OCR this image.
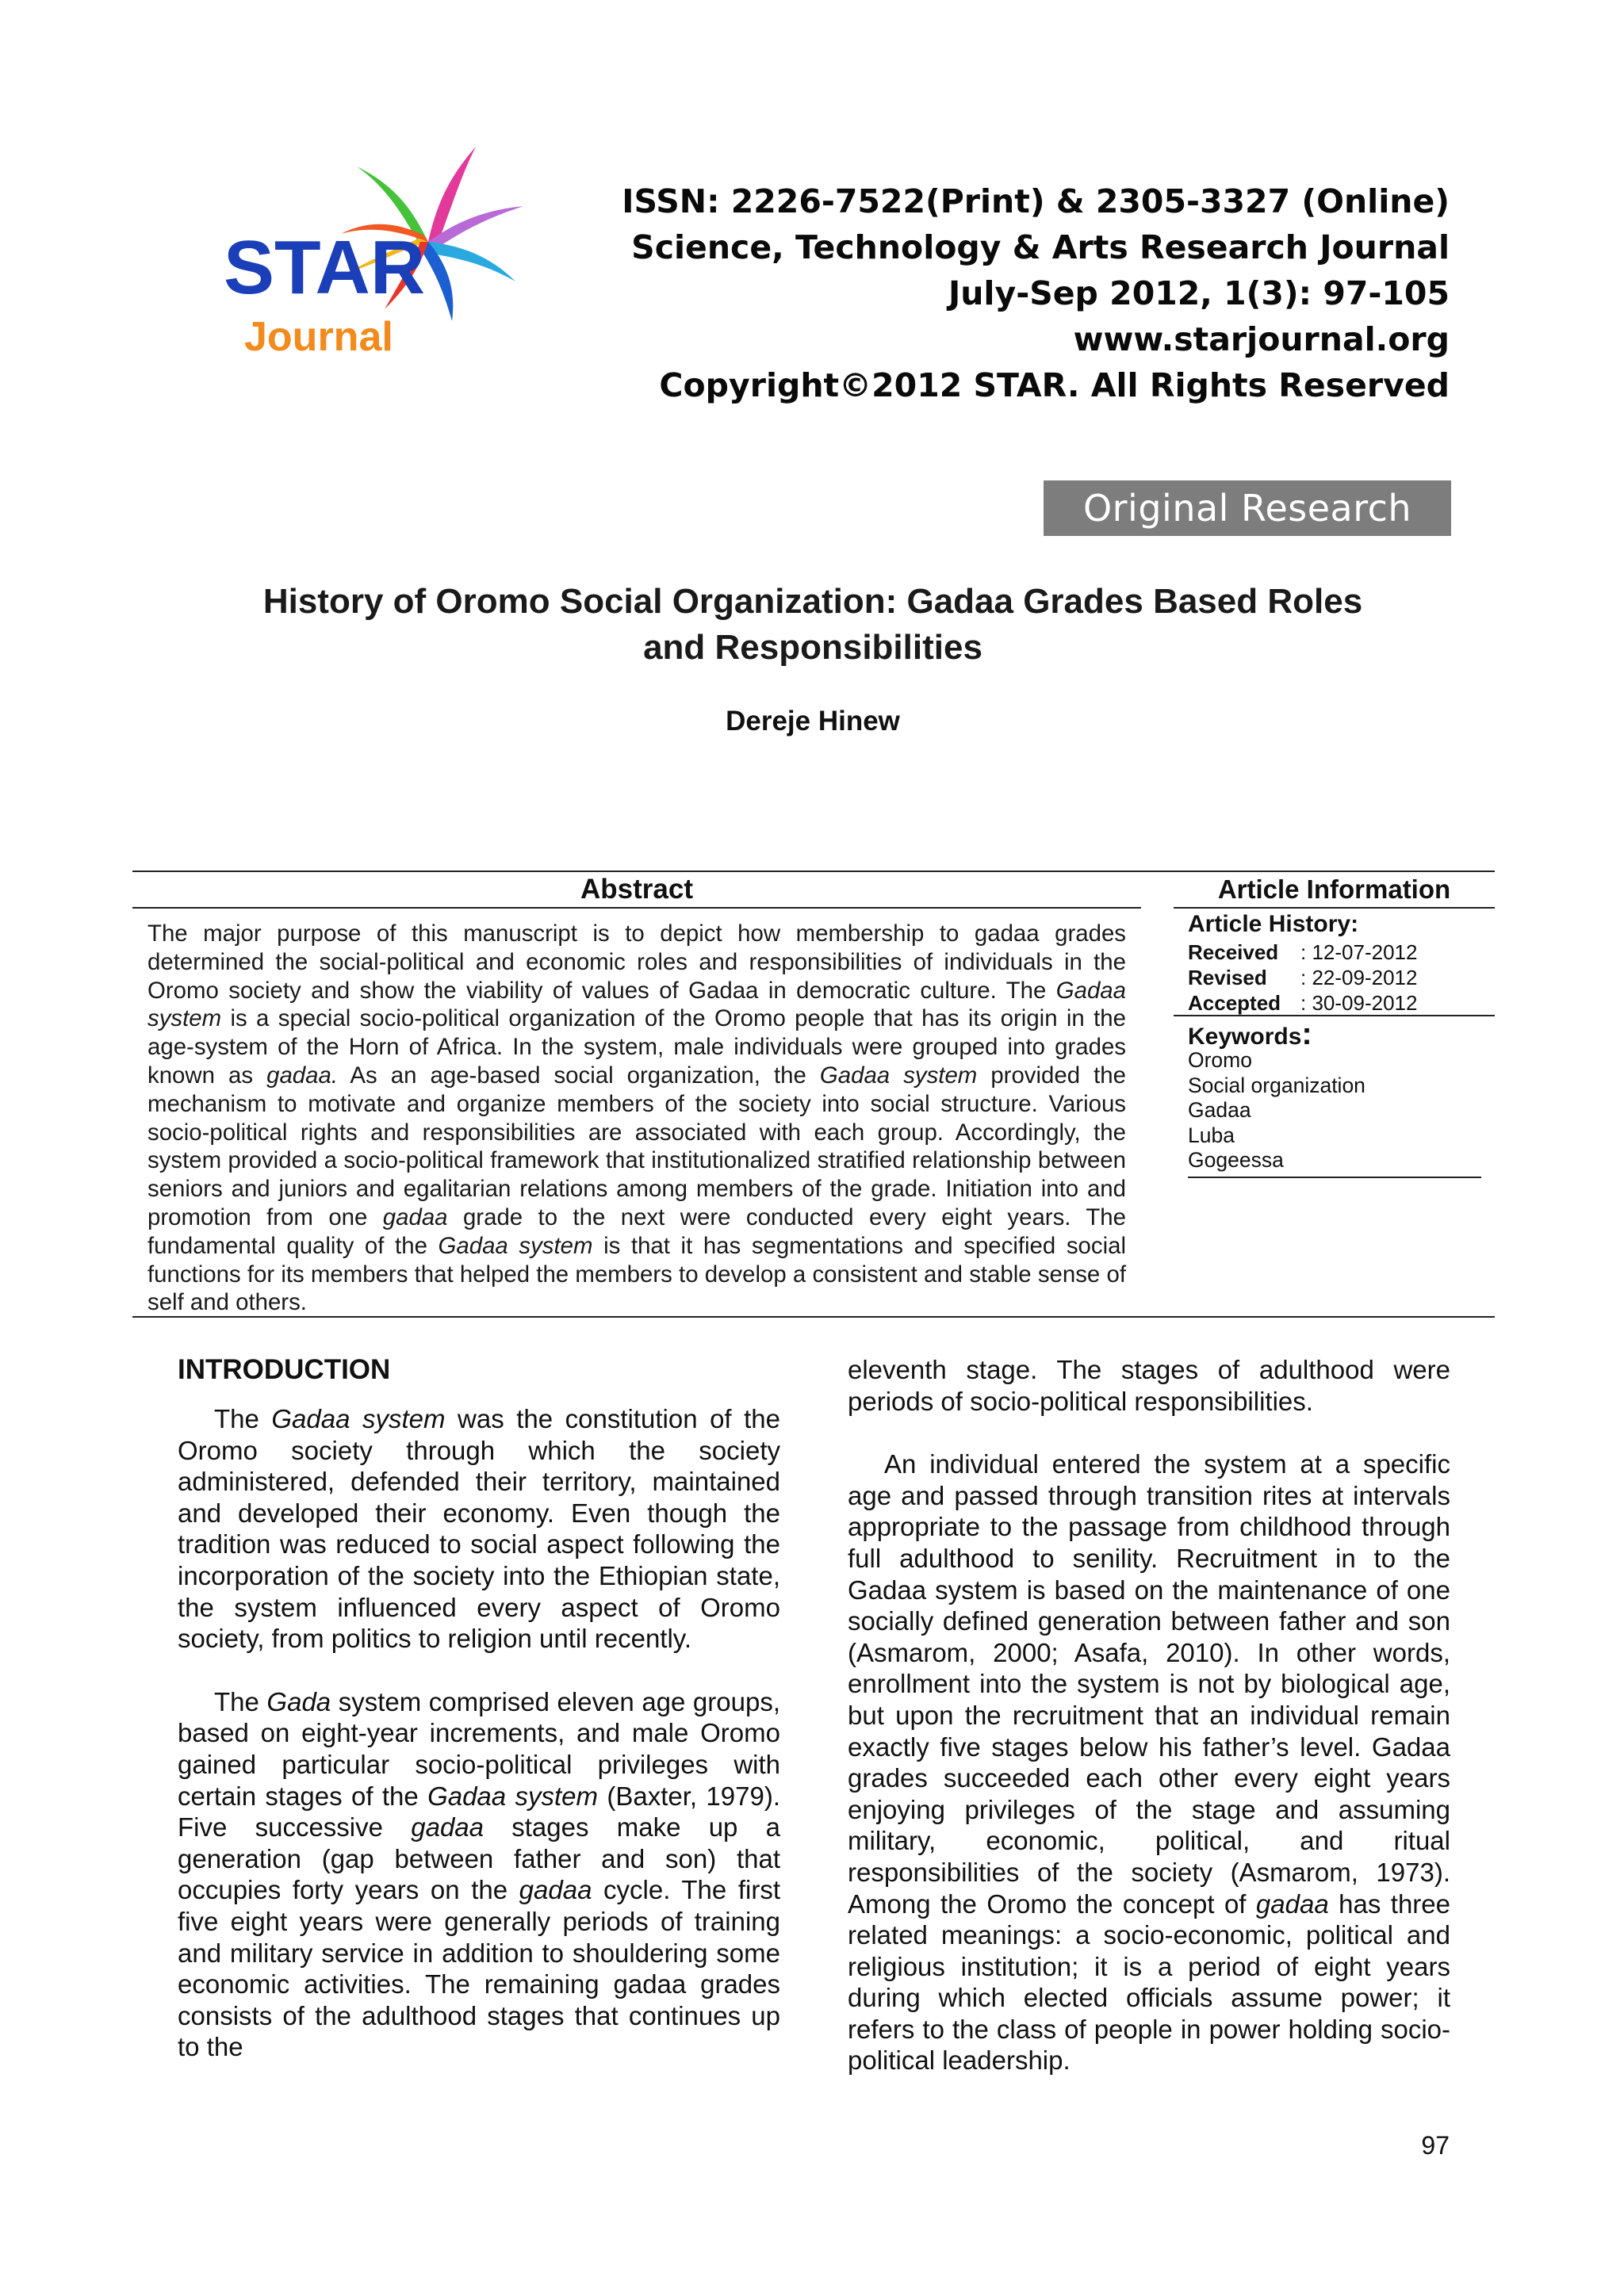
STAR
Journal
ISSN: 2226-7522(Print) & 2305-3327 (Online)
Science, Technology & Arts Research Journal
July-Sep 2012, 1(3): 97-105
www.starjournal.org
Copyright©2012 STAR. All Rights Reserved
Original Research
History of Oromo Social Organization: Gadaa Grades Based Roles
and Responsibilities
Dereje Hinew
Abstract

The major purpose of this manuscript is to depict how membership to gadaa grades determined the social-political and economic roles and responsibilities of individuals in the Oromo society and show the viability of values of Gadaa in democratic culture. The Gadaa system is a special socio-political organization of the Oromo people that has its origin in the age-system of the Horn of Africa. In the system, male individuals were grouped into grades known as gadaa. As an age-based social organization, the Gadaa system provided the mechanism to motivate and organize members of the society into social structure. Various socio-political rights and responsibilities are associated with each group. Accordingly, the system provided a socio-political framework that institutionalized stratified relationship between seniors and juniors and egalitarian relations among members of the grade. Initiation into and promotion from one gadaa grade to the next were conducted every eight years. The fundamental quality of the Gadaa system is that it has segmentations and specified social functions for its members that helped the members to develop a consistent and stable sense of self and others.

Article Information
Article History:
Received	: 12-07-2012
Revised	: 22-09-2012
Accepted : 30-09-2012
Keywords:
Oromo
Social organization
Gadaa
Luba
Gogeessa
INTRODUCTION

The Gadaa system was the constitution of the Oromo society through which the society administered, defended their territory, maintained and developed their economy. Even though the tradition was reduced to social aspect following the incorporation of the society into the Ethiopian state, the system influenced every aspect of Oromo society, from politics to religion until recently.

The Gada system comprised eleven age groups, based on eight-year increments, and male Oromo gained particular socio-political privileges with certain stages of the Gadaa system (Baxter, 1979). Five successive gadaa stages make up a generation (gap between father and son) that occupies forty years on the gadaa cycle. The first five eight years were generally periods of training and military service in addition to shouldering some economic activities. The remaining gadaa grades consists of the adulthood stages that continues up to the

eleventh stage. The stages of adulthood were periods of socio-political responsibilities.

An individual entered the system at a specific age and passed through transition rites at intervals appropriate to the passage from childhood through full adulthood to senility. Recruitment in to the Gadaa system is based on the maintenance of one socially defined generation between father and son (Asmarom, 2000; Asafa, 2010). In other words, enrollment into the system is not by biological age, but upon the recruitment that an individual remain exactly five stages below his father’s level. Gadaa grades succeeded each other every eight years enjoying privileges of the stage and assuming military, economic, political, and ritual responsibilities of the society (Asmarom, 1973). Among the Oromo the concept of gadaa has three related meanings: a socio-economic, political and religious institution; it is a period of eight years during which elected officials assume power; it refers to the class of people in power holding socio-political leadership.

97
